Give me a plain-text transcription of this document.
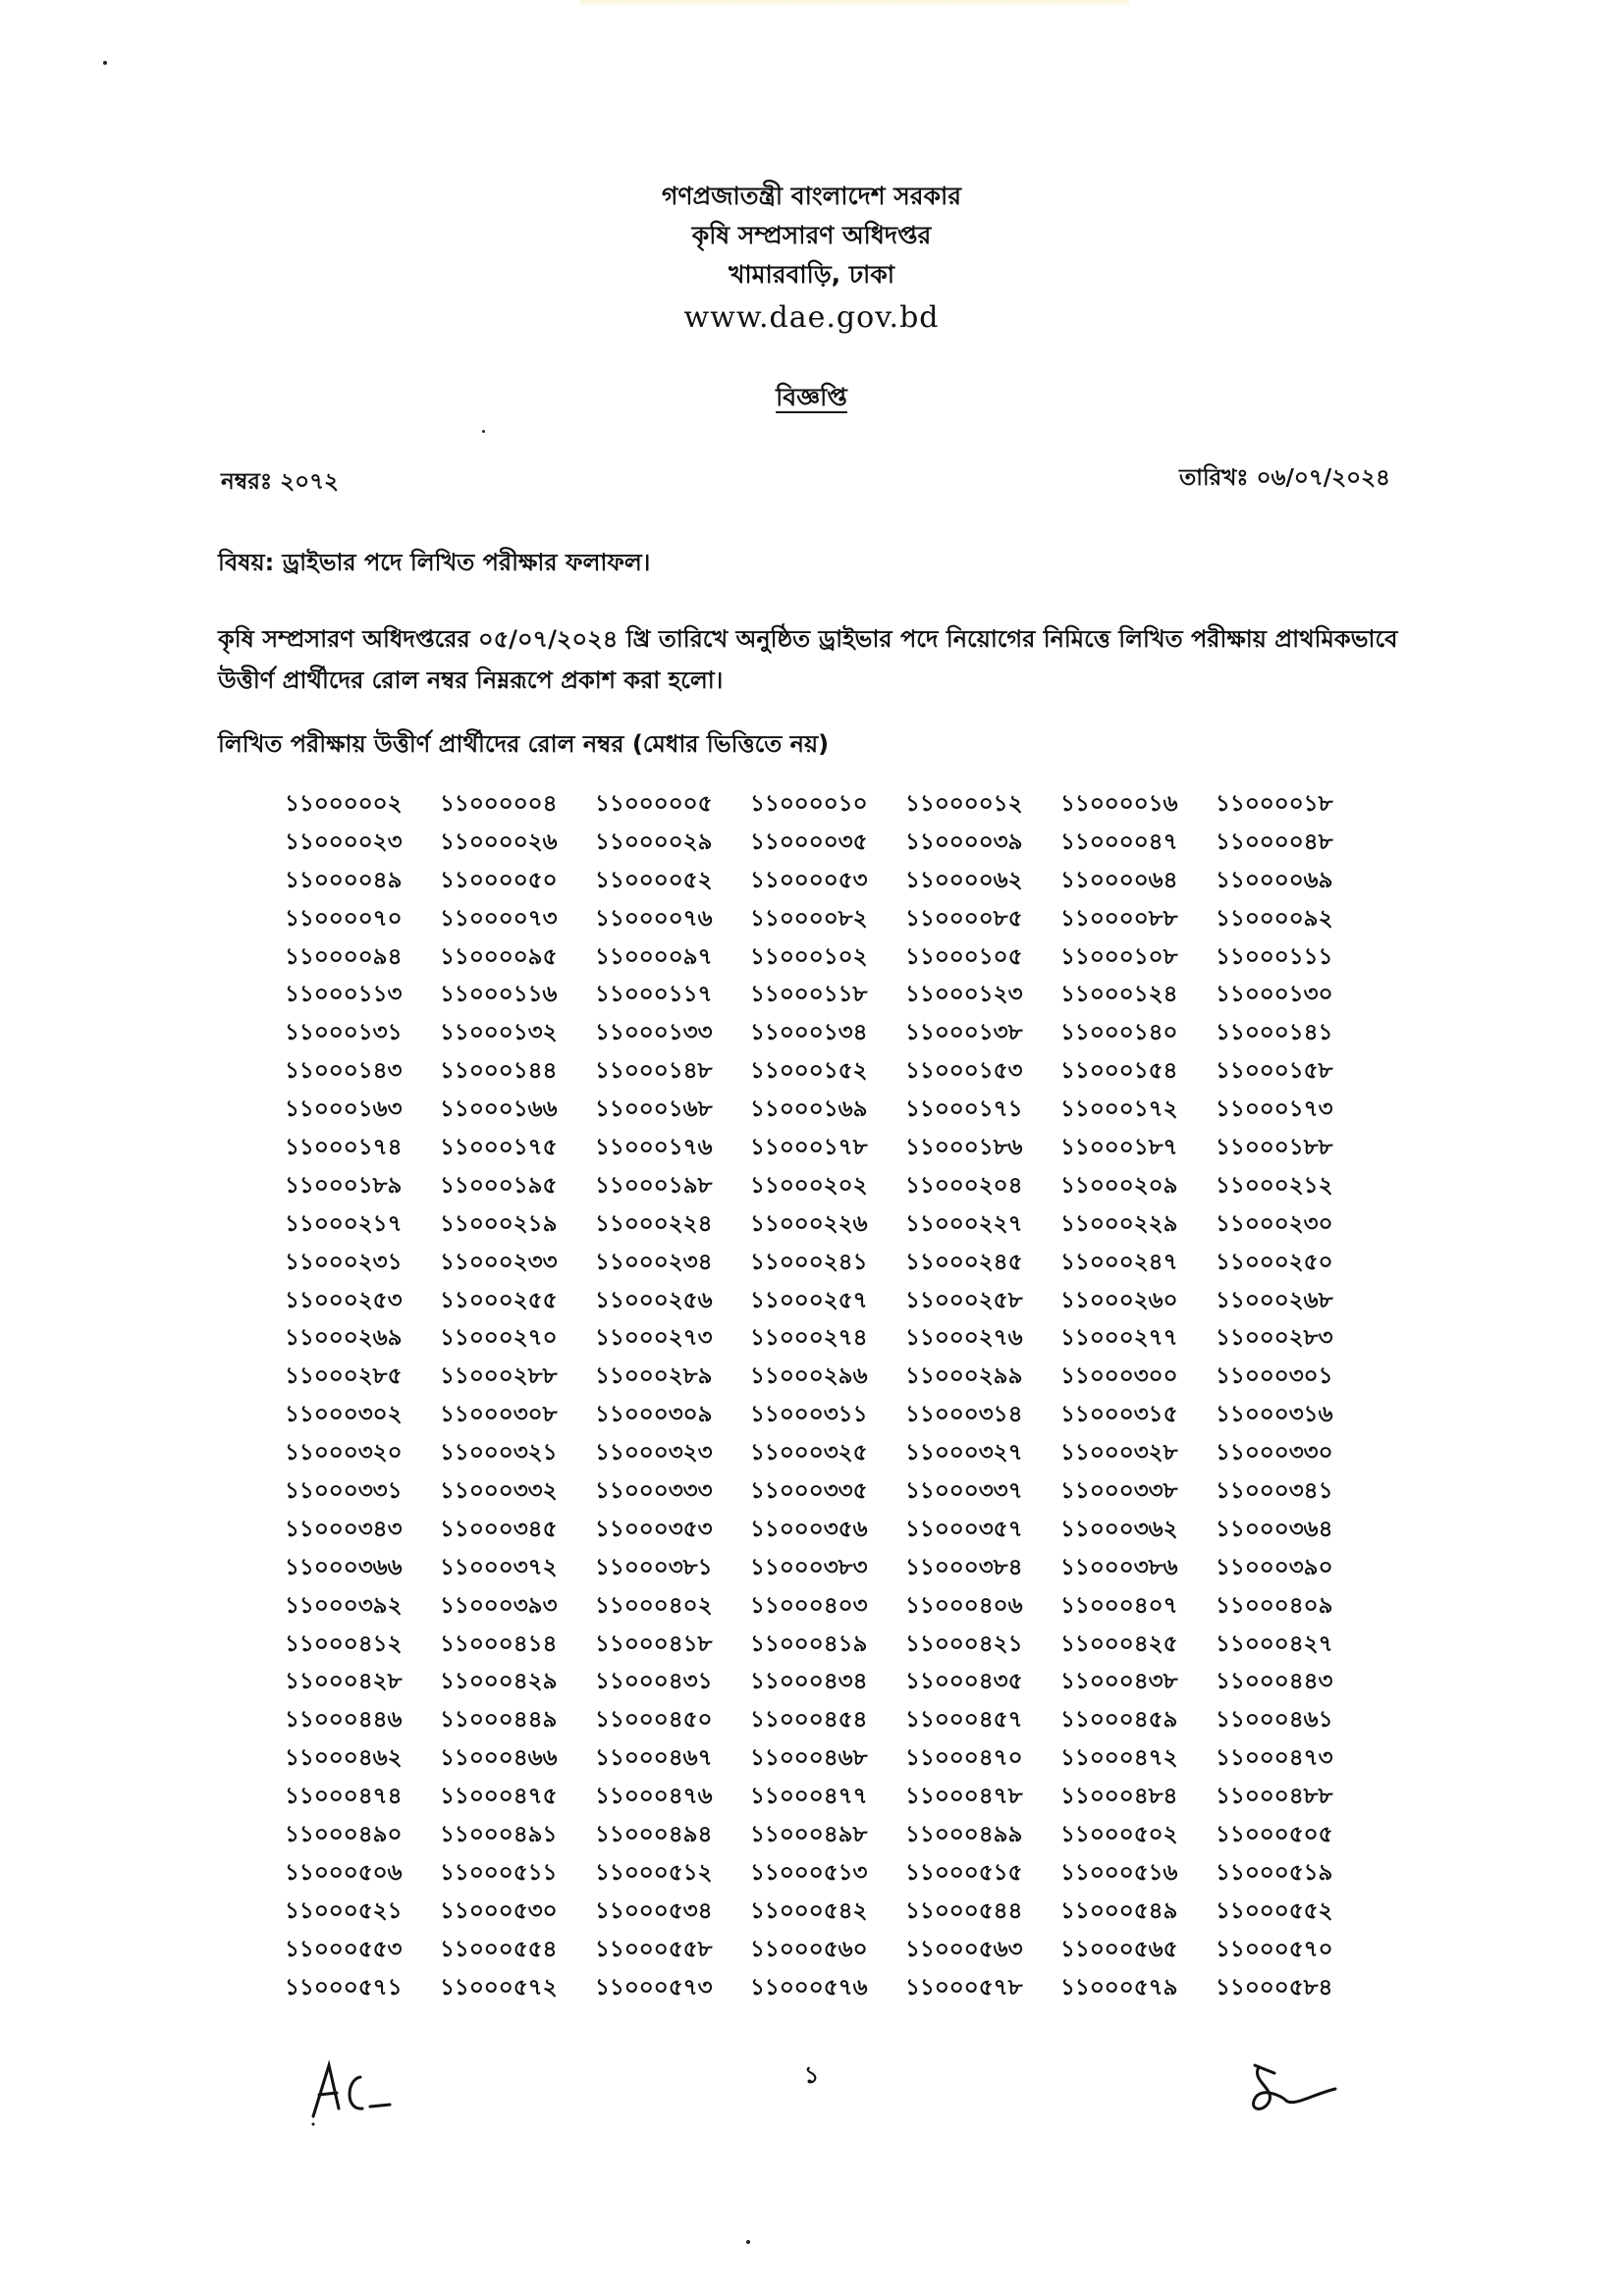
গণপ্রজাতন্ত্রী বাংলাদেশ সরকার
কৃষি সম্প্রসারণ অধিদপ্তর
খামারবাড়ি, ঢাকা
www.dae.gov.bd
বিজ্ঞপ্তি
নম্বরঃ ২০৭২	তারিখঃ ০৬/০৭/২০২৪
বিষয়: ড্রাইভার পদে লিখিত পরীক্ষার ফলাফল।
কৃষি সম্প্রসারণ অধিদপ্তরের ০৫/০৭/২০২৪ খ্রি তারিখে অনুষ্ঠিত ড্রাইভার পদে নিয়োগের নিমিত্তে লিখিত পরীক্ষায় প্রাথমিকভাবে উত্তীর্ণ প্রার্থীদের রোল নম্বর নিম্নরূপে প্রকাশ করা হলো।
লিখিত পরীক্ষায় উত্তীর্ণ প্রার্থীদের রোল নম্বর (মেধার ভিত্তিতে নয়)
১১০০০০০২	১১০০০০০৪	১১০০০০০৫	১১০০০০১০	১১০০০০১২	১১০০০০১৬	১১০০০০১৮
১১০০০০২৩	১১০০০০২৬	১১০০০০২৯	১১০০০০৩৫	১১০০০০৩৯	১১০০০০৪৭	১১০০০০৪৮
১১০০০০৪৯	১১০০০০৫০	১১০০০০৫২	১১০০০০৫৩	১১০০০০৬২	১১০০০০৬৪	১১০০০০৬৯
১১০০০০৭০	১১০০০০৭৩	১১০০০০৭৬	১১০০০০৮২	১১০০০০৮৫	১১০০০০৮৮	১১০০০০৯২
১১০০০০৯৪	১১০০০০৯৫	১১০০০০৯৭	১১০০০১০২	১১০০০১০৫	১১০০০১০৮	১১০০০১১১
১১০০০১১৩	১১০০০১১৬	১১০০০১১৭	১১০০০১১৮	১১০০০১২৩	১১০০০১২৪	১১০০০১৩০
১১০০০১৩১	১১০০০১৩২	১১০০০১৩৩	১১০০০১৩৪	১১০০০১৩৮	১১০০০১৪০	১১০০০১৪১
১১০০০১৪৩	১১০০০১৪৪	১১০০০১৪৮	১১০০০১৫২	১১০০০১৫৩	১১০০০১৫৪	১১০০০১৫৮
১১০০০১৬৩	১১০০০১৬৬	১১০০০১৬৮	১১০০০১৬৯	১১০০০১৭১	১১০০০১৭২	১১০০০১৭৩
১১০০০১৭৪	১১০০০১৭৫	১১০০০১৭৬	১১০০০১৭৮	১১০০০১৮৬	১১০০০১৮৭	১১০০০১৮৮
১১০০০১৮৯	১১০০০১৯৫	১১০০০১৯৮	১১০০০২০২	১১০০০২০৪	১১০০০২০৯	১১০০০২১২
১১০০০২১৭	১১০০০২১৯	১১০০০২২৪	১১০০০২২৬	১১০০০২২৭	১১০০০২২৯	১১০০০২৩০
১১০০০২৩১	১১০০০২৩৩	১১০০০২৩৪	১১০০০২৪১	১১০০০২৪৫	১১০০০২৪৭	১১০০০২৫০
১১০০০২৫৩	১১০০০২৫৫	১১০০০২৫৬	১১০০০২৫৭	১১০০০২৫৮	১১০০০২৬০	১১০০০২৬৮
১১০০০২৬৯	১১০০০২৭০	১১০০০২৭৩	১১০০০২৭৪	১১০০০২৭৬	১১০০০২৭৭	১১০০০২৮৩
১১০০০২৮৫	১১০০০২৮৮	১১০০০২৮৯	১১০০০২৯৬	১১০০০২৯৯	১১০০০৩০০	১১০০০৩০১
১১০০০৩০২	১১০০০৩০৮	১১০০০৩০৯	১১০০০৩১১	১১০০০৩১৪	১১০০০৩১৫	১১০০০৩১৬
১১০০০৩২০	১১০০০৩২১	১১০০০৩২৩	১১০০০৩২৫	১১০০০৩২৭	১১০০০৩২৮	১১০০০৩৩০
১১০০০৩৩১	১১০০০৩৩২	১১০০০৩৩৩	১১০০০৩৩৫	১১০০০৩৩৭	১১০০০৩৩৮	১১০০০৩৪১
১১০০০৩৪৩	১১০০০৩৪৫	১১০০০৩৫৩	১১০০০৩৫৬	১১০০০৩৫৭	১১০০০৩৬২	১১০০০৩৬৪
১১০০০৩৬৬	১১০০০৩৭২	১১০০০৩৮১	১১০০০৩৮৩	১১০০০৩৮৪	১১০০০৩৮৬	১১০০০৩৯০
১১০০০৩৯২	১১০০০৩৯৩	১১০০০৪০২	১১০০০৪০৩	১১০০০৪০৬	১১০০০৪০৭	১১০০০৪০৯
১১০০০৪১২	১১০০০৪১৪	১১০০০৪১৮	১১০০০৪১৯	১১০০০৪২১	১১০০০৪২৫	১১০০০৪২৭
১১০০০৪২৮	১১০০০৪২৯	১১০০০৪৩১	১১০০০৪৩৪	১১০০০৪৩৫	১১০০০৪৩৮	১১০০০৪৪৩
১১০০০৪৪৬	১১০০০৪৪৯	১১০০০৪৫০	১১০০০৪৫৪	১১০০০৪৫৭	১১০০০৪৫৯	১১০০০৪৬১
১১০০০৪৬২	১১০০০৪৬৬	১১০০০৪৬৭	১১০০০৪৬৮	১১০০০৪৭০	১১০০০৪৭২	১১০০০৪৭৩
১১০০০৪৭৪	১১০০০৪৭৫	১১০০০৪৭৬	১১০০০৪৭৭	১১০০০৪৭৮	১১০০০৪৮৪	১১০০০৪৮৮
১১০০০৪৯০	১১০০০৪৯১	১১০০০৪৯৪	১১০০০৪৯৮	১১০০০৪৯৯	১১০০০৫০২	১১০০০৫০৫
১১০০০৫০৬	১১০০০৫১১	১১০০০৫১২	১১০০০৫১৩	১১০০০৫১৫	১১০০০৫১৬	১১০০০৫১৯
১১০০০৫২১	১১০০০৫৩০	১১০০০৫৩৪	১১০০০৫৪২	১১০০০৫৪৪	১১০০০৫৪৯	১১০০০৫৫২
১১০০০৫৫৩	১১০০০৫৫৪	১১০০০৫৫৮	১১০০০৫৬০	১১০০০৫৬৩	১১০০০৫৬৫	১১০০০৫৭০
১১০০০৫৭১	১১০০০৫৭২	১১০০০৫৭৩	১১০০০৫৭৬	১১০০০৫৭৮	১১০০০৫৭৯	১১০০০৫৮৪
১
